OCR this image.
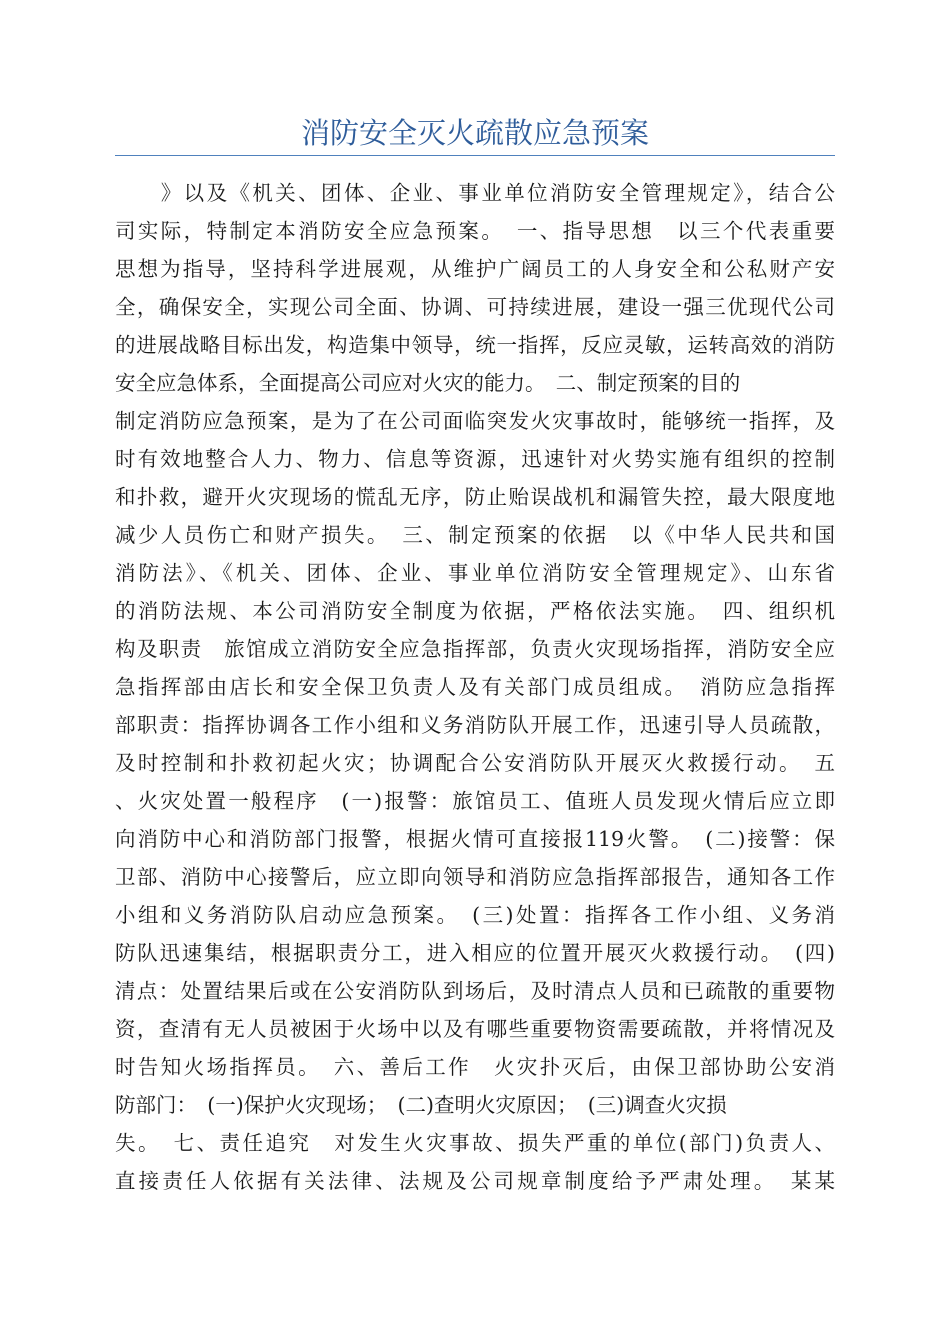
消防安全灭火疏散应急预案
　　》以及《机关、团体、企业、事业单位消防安全管理规定》，结合公
司实际，特制定本消防安全应急预案。　一、指导思想　以三个代表重要
思想为指导，坚持科学进展观，从维护广阔员工的人身安全和公私财产安
全，确保安全，实现公司全面、协调、可持续进展，建设一强三优现代公司
的进展战略目标出发，构造集中领导，统一指挥，反应灵敏，运转高效的消防
安全应急体系，全面提高公司应对火灾的能力。　二、制定预案的目的
制定消防应急预案，是为了在公司面临突发火灾事故时，能够统一指挥，及
时有效地整合人力、物力、信息等资源，迅速针对火势实施有组织的控制
和扑救，避开火灾现场的慌乱无序，防止贻误战机和漏管失控，最大限度地
减少人员伤亡和财产损失。　三、制定预案的依据　以《中华人民共和国
消防法》、《机关、团体、企业、事业单位消防安全管理规定》、山东省
的消防法规、本公司消防安全制度为依据，严格依法实施。　四、组织机
构及职责　旅馆成立消防安全应急指挥部，负责火灾现场指挥，消防安全应
急指挥部由店长和安全保卫负责人及有关部门成员组成。　消防应急指挥
部职责：指挥协调各工作小组和义务消防队开展工作，迅速引导人员疏散，
及时控制和扑救初起火灾；协调配合公安消防队开展灭火救援行动。　五
、火灾处置一般程序　(一)报警：旅馆员工、值班人员发现火情后应立即
向消防中心和消防部门报警，根据火情可直接报119火警。　(二)接警：保
卫部、消防中心接警后，应立即向领导和消防应急指挥部报告，通知各工作
小组和义务消防队启动应急预案。　(三)处置：指挥各工作小组、义务消
防队迅速集结，根据职责分工，进入相应的位置开展灭火救援行动。　(四)
清点：处置结果后或在公安消防队到场后，及时清点人员和已疏散的重要物
资，查清有无人员被困于火场中以及有哪些重要物资需要疏散，并将情况及
时告知火场指挥员。　六、善后工作　火灾扑灭后，由保卫部协助公安消
防部门：　(一)保护火灾现场；　(二)查明火灾原因；　(三)调查火灾损
失。　七、责任追究　对发生火灾事故、损失严重的单位(部门)负责人、
直接责任人依据有关法律、法规及公司规章制度给予严肃处理。　某某
